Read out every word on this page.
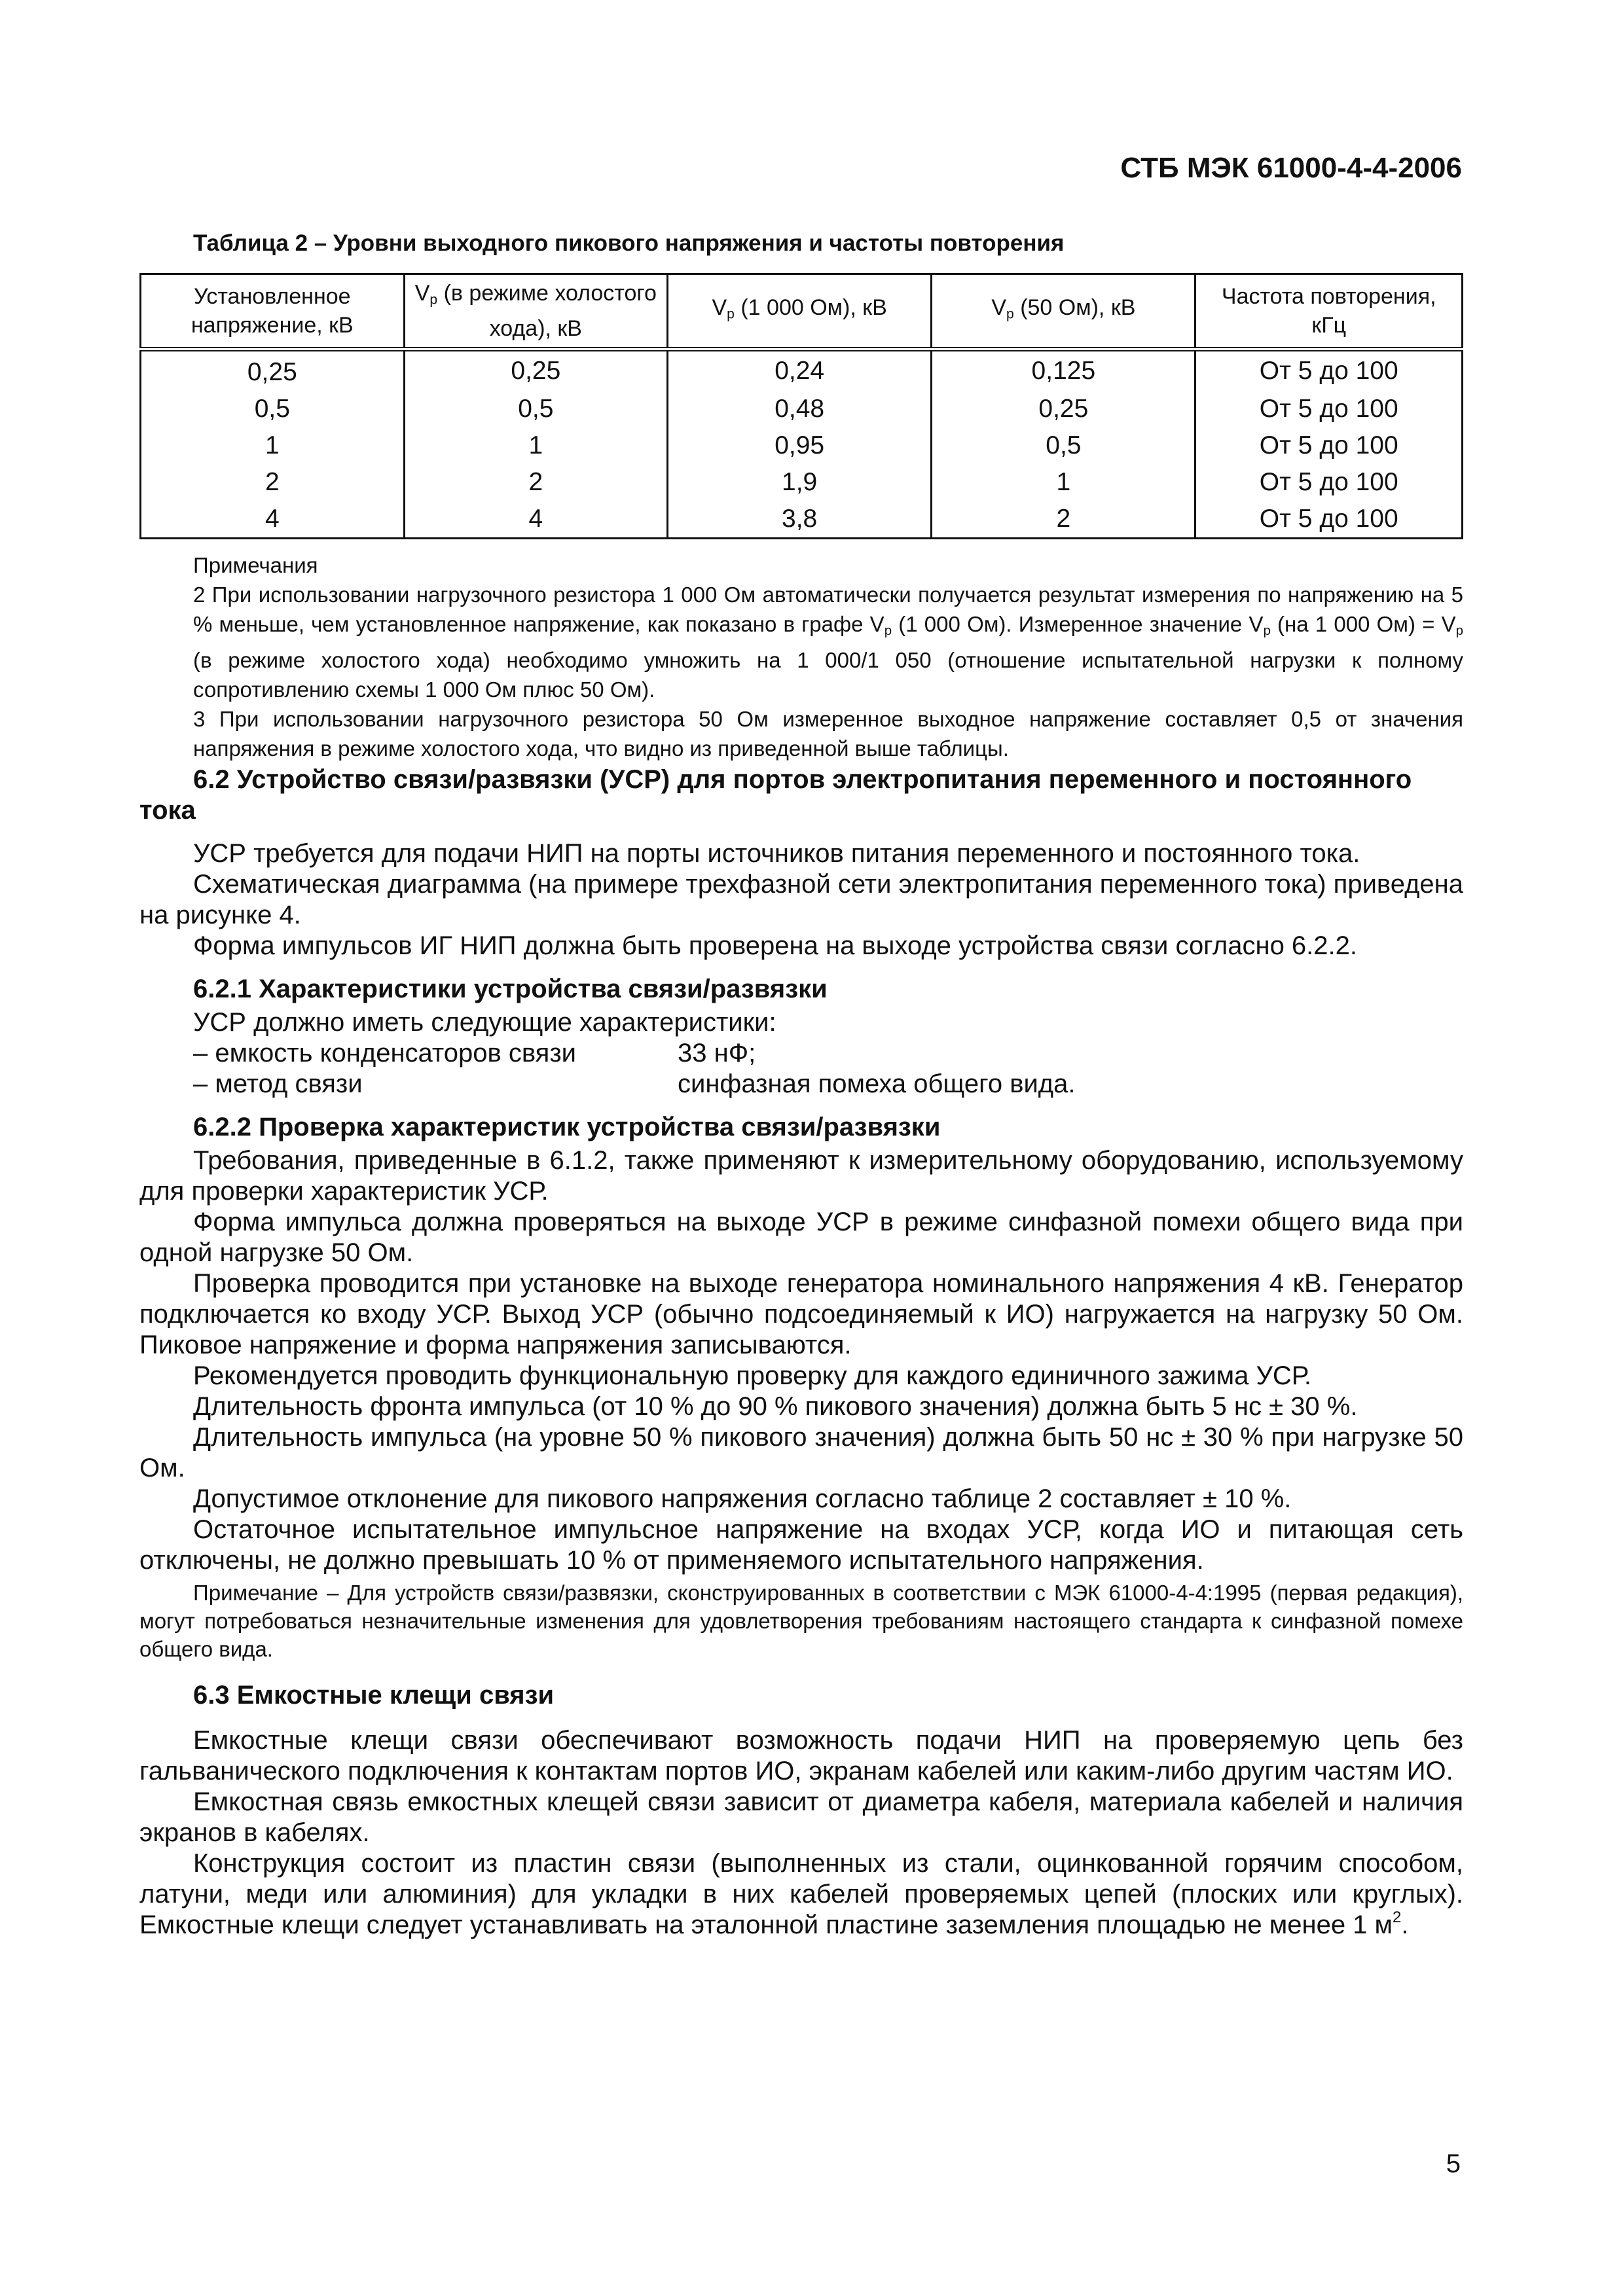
СТБ МЭК 61000-4-4-2006
Таблица 2 – Уровни выходного пикового напряжения и частоты повторения
Установленное напряжение, кВ	$V_p$ (в режиме холостого хода), кВ	$V_p$ (1 000 Ом), кВ	$V_p$ (50 Ом), кВ	Частота повторения, кГц
0,25	0,25	0,24	0,125	От 5 до 100
0,5	0,5	0,48	0,25	От 5 до 100
1	1	0,95	0,5	От 5 до 100
2	2	1,9	1	От 5 до 100
4	4	3,8	2	От 5 до 100

Примечания

2 При использовании нагрузочного резистора 1 000 Ом автоматически получается результат измерения по напряжению на 5 % меньше, чем установленное напряжение, как показано в графе $V_p$ (1 000 Ом). Измеренное значение $V_p$ (на 1 000 $Ом) = V_p$ (в режиме холостого хода) необходимо умножить на 1 000/1 050 (отношение испытательной нагрузки к полному сопротивлению схемы 1 000 Ом плюс 50 Ом).

3 При использовании нагрузочного резистора 50 Ом измеренное выходное напряжение составляет 0,5 от значения напряжения в режиме холостого хода, что видно из приведенной выше таблицы.

6.2 Устройство связи/развязки (УСР) для портов электропитания переменного и постоянного тока

УСР требуется для подачи НИП на порты источников питания переменного и постоянного тока.

Схематическая диаграмма (на примере трехфазной сети электропитания переменного тока) приведена на рисунке 4.

Форма импульсов ИГ НИП должна быть проверена на выходе устройства связи согласно 6.2.2.

6.2.1 Характеристики устройства связи/развязки

УСР должно иметь следующие характеристики:

– емкость конденсаторов связи	33 нФ;
– метод связи	синфазная помеха общего вида.
6.2.2 Проверка характеристик устройства связи/развязки

Требования, приведенные в 6.1.2, также применяют к измерительному оборудованию, используемому для проверки характеристик УСР.

Форма импульса должна проверяться на выходе УСР в режиме синфазной помехи общего вида при одной нагрузке 50 Ом.

Проверка проводится при установке на выходе генератора номинального напряжения 4 кВ. Генератор подключается ко входу УСР. Выход УСР (обычно подсоединяемый к ИО) нагружается на нагрузку 50 Ом. Пиковое напряжение и форма напряжения записываются.

Рекомендуется проводить функциональную проверку для каждого единичного зажима УСР.

Длительность фронта импульса (от 10 % до 90 % пикового значения) должна быть 5 нс ± 30 %.

Длительность импульса (на уровне 50 % пикового значения) должна быть 50 нс ± 30 % при нагрузке 50 Ом.

Допустимое отклонение для пикового напряжения согласно таблице 2 составляет ± 10 %.

Остаточное испытательное импульсное напряжение на входах УСР, когда ИО и питающая сеть отключены, не должно превышать 10 % от применяемого испытательного напряжения.

Примечание – Для устройств связи/развязки, сконструированных в соответствии с МЭК 61000-4-4:1995 (первая редакция), могут потребоваться незначительные изменения для удовлетворения требованиям настоящего стандарта к синфазной помехе общего вида.

6.3 Емкостные клещи связи

Емкостные клещи связи обеспечивают возможность подачи НИП на проверяемую цепь без гальванического подключения к контактам портов ИО, экранам кабелей или каким-либо другим частям ИО.

Емкостная связь емкостных клещей связи зависит от диаметра кабеля, материала кабелей и наличия экранов в кабелях.

Конструкция состоит из пластин связи (выполненных из стали, оцинкованной горячим способом, латуни, меди или алюминия) для укладки в них кабелей проверяемых цепей (плоских или круглых). Емкостные клещи следует устанавливать на эталонной пластине заземления площадью не менее 1 $м^2$.

5
